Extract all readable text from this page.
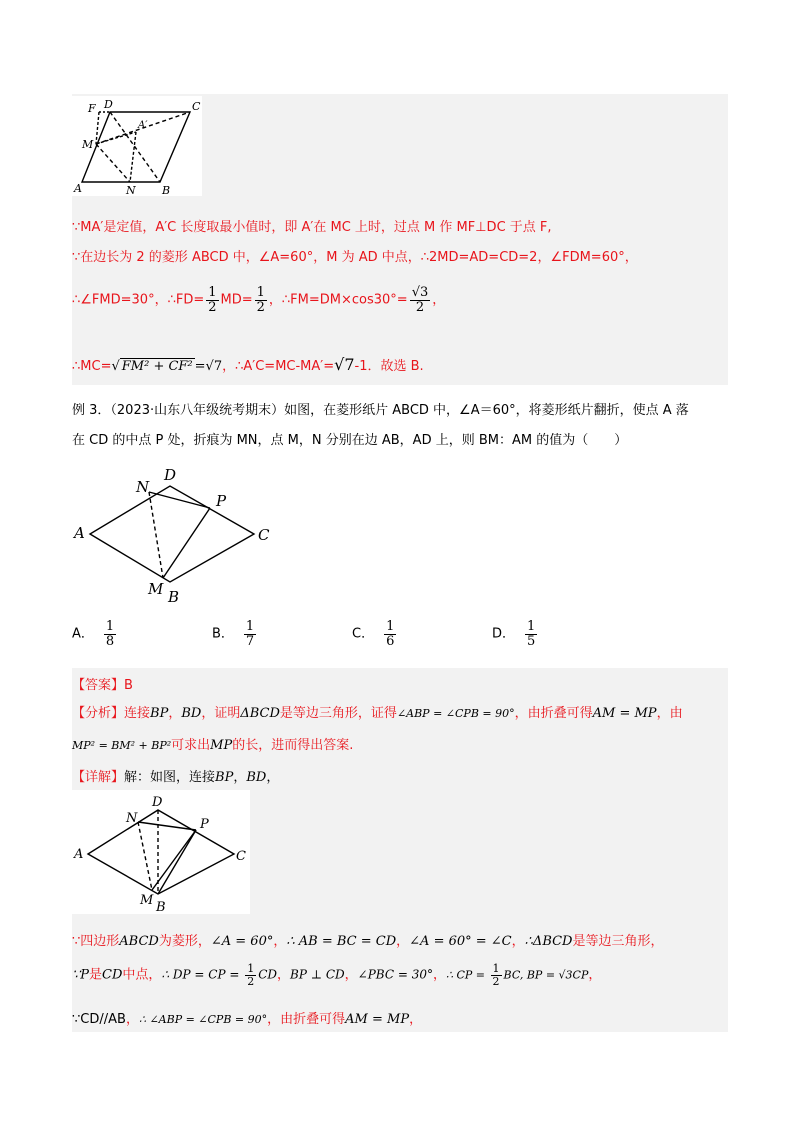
F D	C
A′
M
A	N B
∵MA′是定值，A′C 长度取最小值时，即 A′在 MC 上时，过点 M 作 MF⊥DC 于点 F,
∵在边长为 2 的菱形 ABCD 中，∠A=60°，M 为 AD 中点，∴2MD=AD=CD=2，∠FDM=60°，
∴∠FMD=30°，∴FD= $\frac{1}{2} MD= \frac{1}{2}$ ，∴FM=DM×cos30°= $\frac{√3}{2}$ ，
∴MC=√ FM² + CF² =√7，∴A′C=MC-MA′=√7-1．故选 B.
例 3．（2023·山东八年级统考期末）如图，在菱形纸片 ABCD 中，∠A＝60°，将菱形纸片翻折，使点 A 落
在 CD 的中点 P 处，折痕为 MN，点 M，N 分别在边 AB，AD 上，则 BM：AM 的值为（　　）
N
D
P
A	C
M B
A． $\frac{1}{8}$	B． $\frac{1}{7}$	C． $\frac{1}{6}$	D． $\frac{1}{5}$
【答案】B
【分析】连接BP，BD，证明ΔBCD是等边三角形，证得∠ABP = ∠CPB = 90°，由折叠可得AM = MP，由
MP² = BM² + BP²可求出MP的长，进而得出答案.
【详解】解：如图，连接BP，BD，
N
D
P
A	C
M B
∵四边形ABCD为菱形，∠A = 60°，∴ AB = BC = CD，∠A = 60° = ∠C，∴ΔBCD是等边三角形，
∵P是CD中点，∴ DP = CP = $\frac{1}{2}$ CD，BP ⊥ CD，∠PBC = 30°，∴ CP = $\frac{1}{2}$ BC, BP = √3CP，
∵CD//AB，∴ ∠ABP = ∠CPB = 90°，由折叠可得AM = MP，
